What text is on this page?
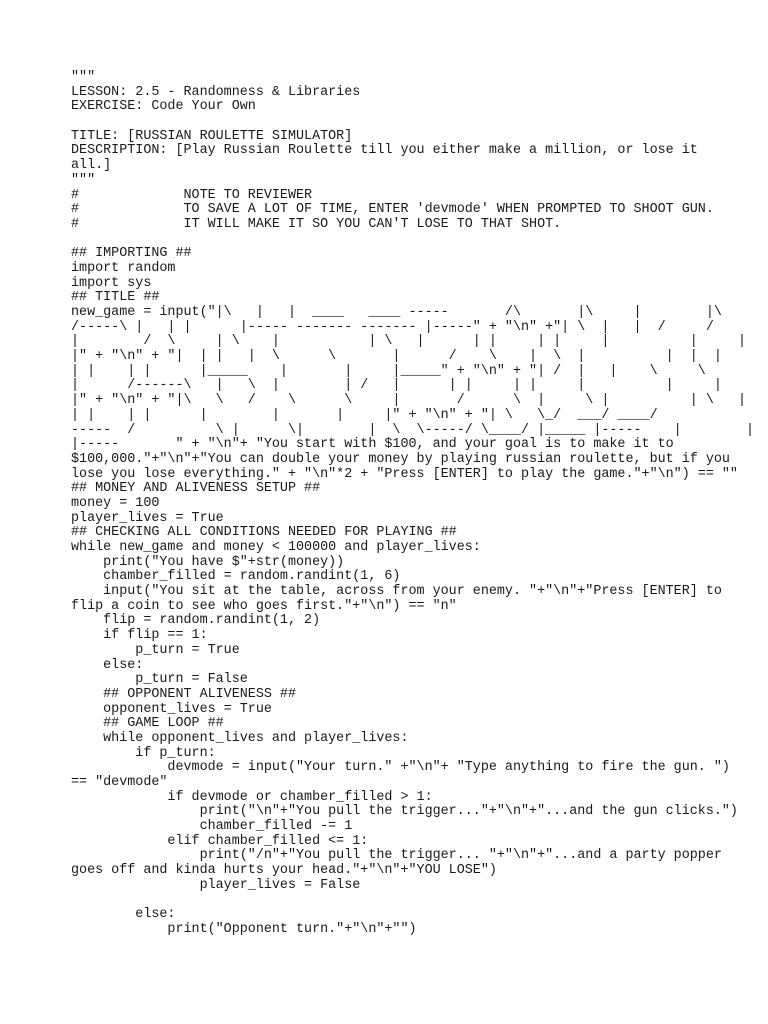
"""
LESSON: 2.5 - Randomness & Libraries
EXERCISE: Code Your Own
TITLE: [RUSSIAN ROULETTE SIMULATOR]
DESCRIPTION: [Play Russian Roulette till you either make a million, or lose it
all.]
"""
#             NOTE TO REVIEWER
#             TO SAVE A LOT OF TIME, ENTER 'devmode' WHEN PROMPTED TO SHOOT GUN.
#             IT WILL MAKE IT SO YOU CAN'T LOSE TO THAT SHOT.
## IMPORTING ##
import random
import sys
## TITLE ##
new_game = input("|\   |   |  ____   ____ -----       /\       |\     |        |\
/-----\ |   | |      |----- ------- ------- |-----" + "\n" +"| \  |   |  /     /
|        /  \     | \    |           | \   |      | |     | |     |          |     |
|" + "\n" + "|  | |   |  \      \       |      /    \    |  \  |          |  |  |
| |    | |      |_____    |       |     |_____" + "\n" + "| /  |   |    \     \
|      /------\   |   \  |        | /   |      | |     | |     |          |     |
|" + "\n" + "|\   \   /    \      \     |       /      \  |     \ |          | \   |
| |    | |      |        |       |     |" + "\n" + "| \   \_/  ___/ ____/
-----  /          \ |      \|        |  \  \-----/ \____/ |_____ |-----    |        |
|-----       " + "\n"+ "You start with $100, and your goal is to make it to
$100,000."+"\n"+"You can double your money by playing russian roulette, but if you
lose you lose everything." + "\n"*2 + "Press [ENTER] to play the game."+"\n") == ""
## MONEY AND ALIVENESS SETUP ##
money = 100
player_lives = True
## CHECKING ALL CONDITIONS NEEDED FOR PLAYING ##
while new_game and money < 100000 and player_lives:
print("You have $"+str(money))
chamber_filled = random.randint(1, 6)
input("You sit at the table, across from your enemy. "+"\n"+"Press [ENTER] to
flip a coin to see who goes first."+"\n") == "n"
flip = random.randint(1, 2)
if flip == 1:
p_turn = True
else:
p_turn = False
## OPPONENT ALIVENESS ##
opponent_lives = True
## GAME LOOP ##
while opponent_lives and player_lives:
if p_turn:
devmode = input("Your turn." +"\n"+ "Type anything to fire the gun. ")
== "devmode"
if devmode or chamber_filled > 1:
print("\n"+"You pull the trigger..."+"\n"+"...and the gun clicks.")
chamber_filled -= 1
elif chamber_filled <= 1:
print("/n"+"You pull the trigger... "+"\n"+"...and a party popper
goes off and kinda hurts your head."+"\n"+"YOU LOSE")
player_lives = False
else:
print("Opponent turn."+"\n"+"")
